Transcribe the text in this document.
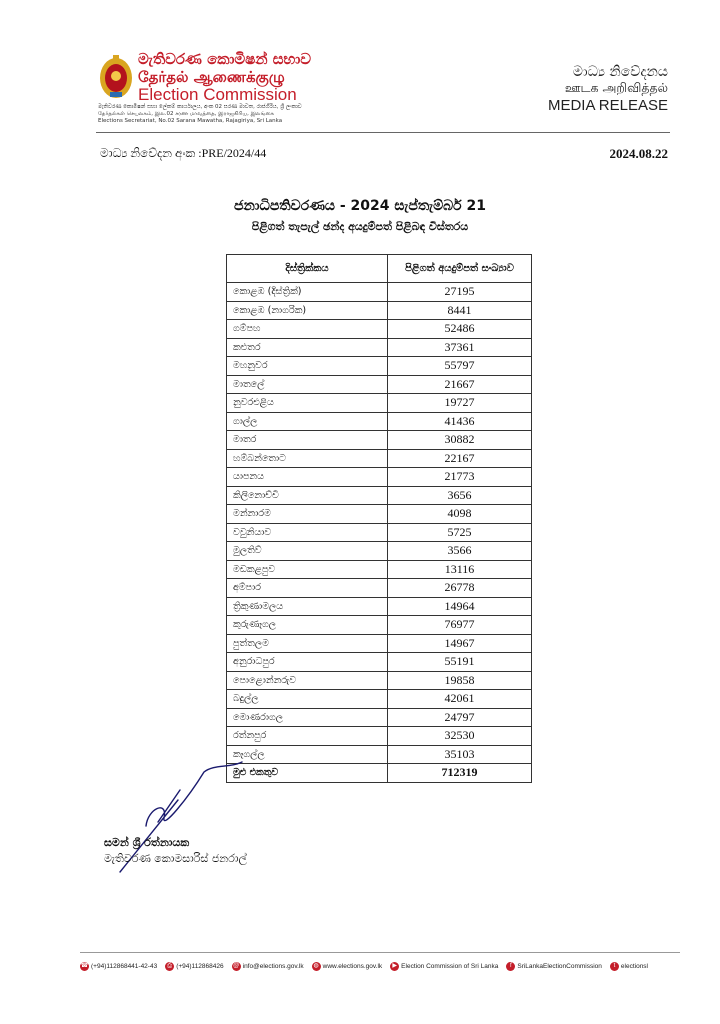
මැතිවරණ කොමිෂන් සභාව
தேர்தல் ஆணைக்குழு
Election Commission
මැතිවරණ කොමිෂන් සභා ලේකම් කාර්යාලය, අංක 02 සරණ මාවත, රාජගිරිය, ශ්‍රී ලංකාව
தேர்தல்கள் செயலகம், இல.02 சரண மாவத்தை, இராஜகிரிய, இலங்கை
Elections Secretariat, No.02 Sarana Mawatha, Rajagiriya, Sri Lanka
මාධ්‍ය නිවේදනය
ஊடக அறிவித்தல்
MEDIA RELEASE
මාධ්‍ය නිවේදන අංක :PRE/2024/44	2024.08.22
ජනාධිපතිවරණය - 2024 සැප්තැම්බර් 21
පිළිගත් තැපැල් ඡන්ද අයදුම්පත් පිළිබඳ විස්තරය
දිස්ත්‍රික්කය	පිළිගත් අයදුම්පත් සංඛ්‍යාව
කොළඹ (දිස්ත්‍රික්)	27195
කොළඹ (නාගරික)	8441
ගම්පහ	52486
කළුතර	37361
මහනුවර	55797
මාතලේ	21667
නුවරඑළිය	19727
ගාල්ල	41436
මාතර	30882
හම්බන්තොට	22167
යාපනය	21773
කිලිනොච්චි	3656
මන්නාරම	4098
වවුනියාව	5725
මුලතිව්	3566
මඩකළපුව	13116
අම්පාර	26778
ත්‍රිකුණාමලය	14964
කුරුණෑගල	76977
පුත්තලම	14967
අනුරාධපුර	55191
පොළොන්නරුව	19858
බදුල්ල	42061
මොණරාගල	24797
රත්නපුර	32530
කෑගල්ල	35103
මුළු එකතුව	712319
සමන් ශ්‍රී රත්නායක
මැතිවරණ කොමසාරිස් ජනරාල්
☎ (+94)112868441-42-43	⎙ (+94)112868426 @ info@elections.gov.lk	◍ www.elections.gov.lk	▶ Election Commission of Sri Lanka	f SriLankaElectionCommission	t electionsl
